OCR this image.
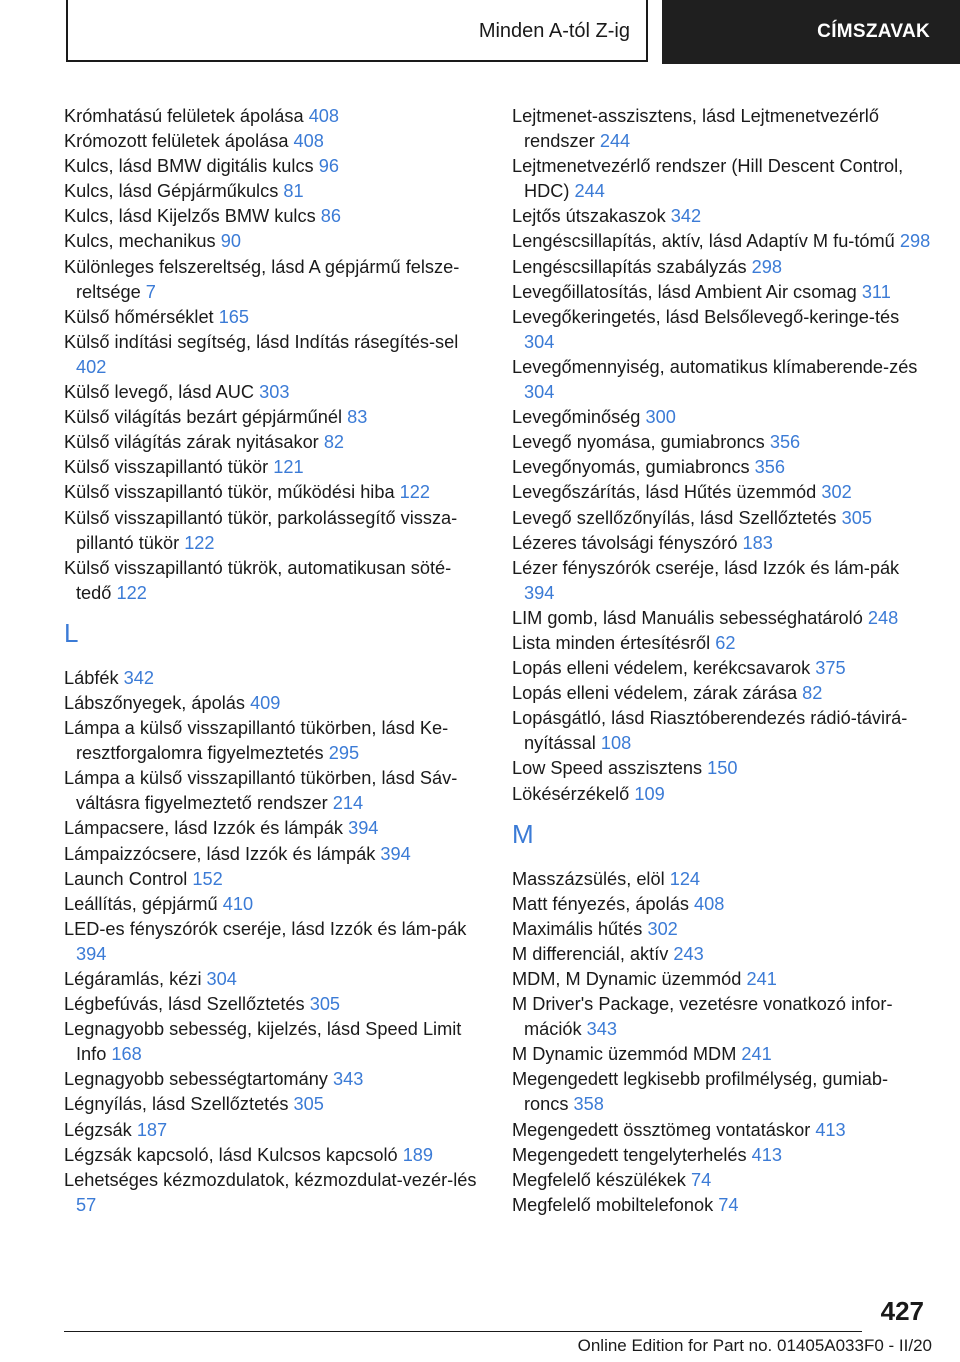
Minden A-tól Z-ig	CÍMSZAVAK
Krómhatású felületek ápolása 408
Krómozott felületek ápolása 408
Kulcs, lásd BMW digitális kulcs 96
Kulcs, lásd Gépjárműkulcs 81
Kulcs, lásd Kijelzős BMW kulcs 86
Kulcs, mechanikus 90
Különleges felszereltség, lásd A gépjármű felsze-reltsége 7
Külső hőmérséklet 165
Külső indítási segítség, lásd Indítás rásegítés-sel 402
Külső levegő, lásd AUC 303
Külső világítás bezárt gépjárműnél 83
Külső világítás zárak nyitásakor 82
Külső visszapillantó tükör 121
Külső visszapillantó tükör, működési hiba 122
Külső visszapillantó tükör, parkolássegítő vissza-pillantó tükör 122
Külső visszapillantó tükrök, automatikusan söté-tedő 122
L
Lábfék 342
Lábszőnyegek, ápolás 409
Lámpa a külső visszapillantó tükörben, lásd Ke-resztforgalomra figyelmeztetés 295
Lámpa a külső visszapillantó tükörben, lásd Sáv-váltásra figyelmeztető rendszer 214
Lámpacsere, lásd Izzók és lámpák 394
Lámpaizzócsere, lásd Izzók és lámpák 394
Launch Control 152
Leállítás, gépjármű 410
LED-es fényszórók cseréje, lásd Izzók és lám-pák 394
Légáramlás, kézi 304
Légbefúvás, lásd Szellőztetés 305
Legnagyobb sebesség, kijelzés, lásd Speed Limit Info 168
Legnagyobb sebességtartomány 343
Légnyílás, lásd Szellőztetés 305
Légzsák 187
Légzsák kapcsoló, lásd Kulcsos kapcsoló 189
Lehetséges kézmozdulatok, kézmozdulat-vezér-lés 57
Lejtmenet-asszisztens, lásd Lejtmenetvezérlő rendszer 244
Lejtmenetvezérlő rendszer (Hill Descent Control, HDC) 244
Lejtős útszakaszok 342
Lengéscsillapítás, aktív, lásd Adaptív M fu-tómű 298
Lengéscsillapítás szabályzás 298
Levegőillatosítás, lásd Ambient Air csomag 311
Levegőkeringetés, lásd Belsőlevegő-keringe-tés 304
Levegőmennyiség, automatikus klímaberende-zés 304
Levegőminőség 300
Levegő nyomása, gumiabroncs 356
Levegőnyomás, gumiabroncs 356
Levegőszárítás, lásd Hűtés üzemmód 302
Levegő szellőzőnyílás, lásd Szellőztetés 305
Lézeres távolsági fényszóró 183
Lézer fényszórók cseréje, lásd Izzók és lám-pák 394
LIM gomb, lásd Manuális sebességhatároló 248
Lista minden értesítésről 62
Lopás elleni védelem, kerékcsavarok 375
Lopás elleni védelem, zárak zárása 82
Lopásgátló, lásd Riasztóberendezés rádió-távirá-nyítással 108
Low Speed asszisztens 150
Lökésérzékelő 109
M
Masszázsülés, elöl 124
Matt fényezés, ápolás 408
Maximális hűtés 302
M differenciál, aktív 243
MDM, M Dynamic üzemmód 241
M Driver's Package, vezetésre vonatkozó infor-mációk 343
M Dynamic üzemmód MDM 241
Megengedett legkisebb profilmélység, gumiab-roncs 358
Megengedett össztömeg vontatáskor 413
Megengedett tengelyterhelés 413
Megfelelő készülékek 74
Megfelelő mobiltelefonok 74
427
Online Edition for Part no. 01405A033F0 - II/20
